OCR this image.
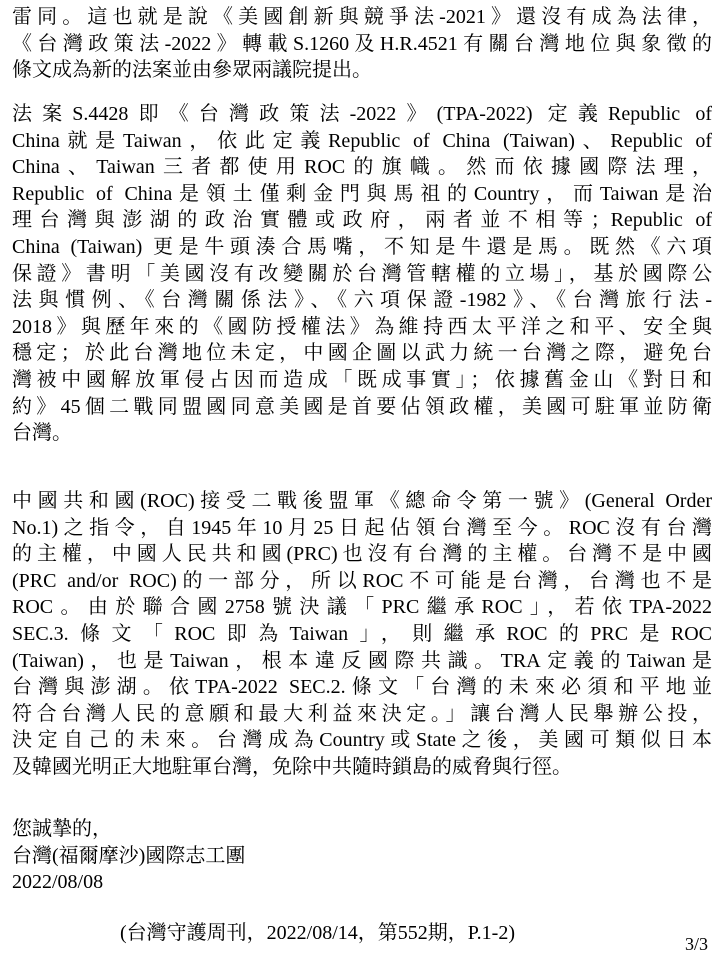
雷同。這也就是說《美國創新與競爭法-2021》還沒有成為法律，
《台灣政策法-2022》轉載S.1260及H.R.4521有關台灣地位與象徵的
條文成為新的法案並由參眾兩議院提出。
法案S.4428即《台灣政策法-2022》(TPA-2022) 定義Republic of
China就是Taiwan，依此定義Republic of China (Taiwan)、Republic of
China、Taiwan三者都使用ROC的旗幟。然而依據國際法理，
Republic of China是領土僅剩金門與馬祖的Country，而Taiwan是治
理台灣與澎湖的政治實體或政府，兩者並不相等；Republic of
China (Taiwan) 更是牛頭湊合馬嘴，不知是牛還是馬。既然《六項
保證》書明「美國沒有改變關於台灣管轄權的立場」，基於國際公
法與慣例、《台灣關係法》、《六項保證-1982》、《台灣旅行法-
2018》與歷年來的《國防授權法》為維持西太平洋之和平、安全與
穩定；於此台灣地位未定，中國企圖以武力統一台灣之際，避免台
灣被中國解放軍侵占因而造成「既成事實」；依據舊金山《對日和
約》45個二戰同盟國同意美國是首要佔領政權，美國可駐軍並防衛
台灣。
中國共和國(ROC)接受二戰後盟軍《總命令第一號》(General Order
No.1)之指令，自1945年10月25日起佔領台灣至今。ROC沒有台灣
的主權，中國人民共和國(PRC)也沒有台灣的主權。台灣不是中國
(PRC and/or ROC)的一部分，所以ROC不可能是台灣，台灣也不是
ROC。由於聯合國2758號決議「PRC繼承ROC」，若依TPA-2022
SEC.3.條文「ROC即為Taiwan」，則繼承ROC的PRC是ROC
(Taiwan)，也是Taiwan，根本違反國際共識。TRA定義的Taiwan是
台灣與澎湖。依TPA-2022 SEC.2.條文「台灣的未來必須和平地並
符合台灣人民的意願和最大利益來決定。」讓台灣人民舉辦公投，
決定自己的未來。台灣成為Country或State之後，美國可類似日本
及韓國光明正大地駐軍台灣，免除中共隨時鎖島的威脅與行徑。
您誠摯的，
台灣(福爾摩沙)國際志工團
2022/08/08
(台灣守護周刊，2022/08/14，第552期，P.1-2)	3/3
